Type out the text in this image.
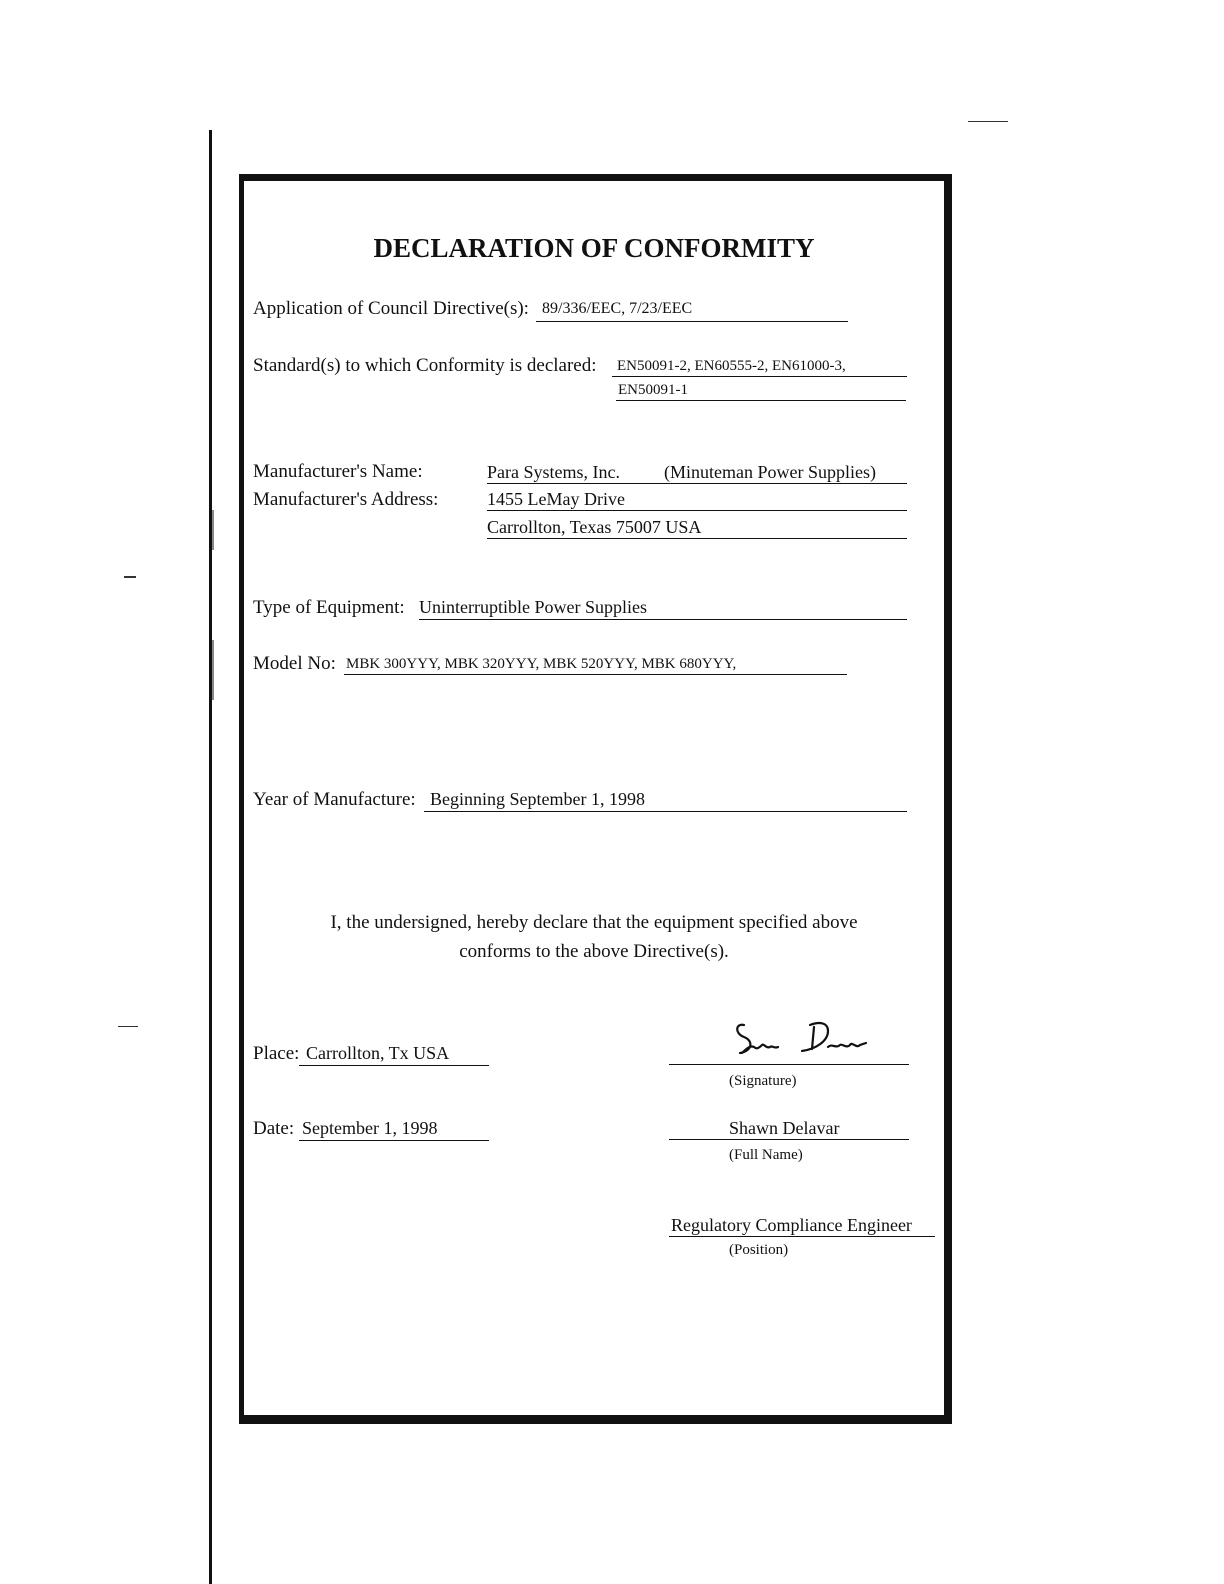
DECLARATION OF CONFORMITY
Application of Council Directive(s): 89/336/EEC, 7/23/EEC
Standard(s) to which Conformity is declared: EN50091-2, EN60555-2, EN61000-3,
EN50091-1
Manufacturer's Name:	Para Systems, Inc. (Minuteman Power Supplies)
Manufacturer's Address:	1455 LeMay Drive
Carrollton, Texas 75007 USA
Type of Equipment: Uninterruptible Power Supplies
Model No: MBK 300YYY, MBK 320YYY, MBK 520YYY, MBK 680YYY,
Year of Manufacture: Beginning September 1, 1998
I, the undersigned, hereby declare that the equipment specified above
conforms to the above Directive(s).
Place: Carrollton, Tx USA
Date: September 1, 1998
(Signature)
Shawn Delavar
(Full Name)
Regulatory Compliance Engineer
(Position)
